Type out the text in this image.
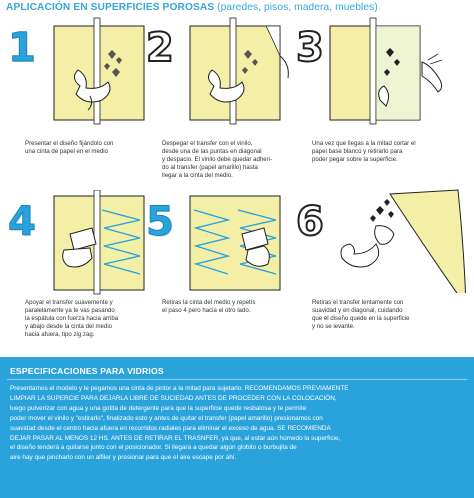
APLICACIÓN EN SUPERFICIES POROSAS (paredes, pisos, madera, muebles)
1
Presentar el diseño fijándolo con
una cinta de papel en el medio
2
Despegar el transfer con el vinilo,
desde una de las puntas en diagonal
y despacio. El vinilo debe quedar adheri-
do al transfer (papel amarillo) hasta
llegar a la cinta del medio.
3
Una vez que llegas a la mitad cortar el
papel base blanco y retirarlo para
poder pegar sobre la superficie.
4
Apoyar el transfer suavemente y
paralelamente ya te vas pasando
la espátula con fuerza hacia arriba
y abajo desde la cinta del medio
hacia afuera, tipo zig zag.
5
Retiras la cinta del medio y repetís
el paso 4 pero hacia el otro lado.
6
Retiras el transfer lentamente con
suavidad y en diagonal, cuidando
que el diseño quede en la superficie
y no se levante.
ESPECIFICACIONES PARA VIDRIOS
Presentamos el modelo y le pegamos una cinta de pintor a la mitad para sujetarlo. RECOMENDAMOS PREVIAMENTE
LIMPIAR LA SUPERCIE PARA DEJARLA LIBRE DE SUCIEDAD ANTES DE PROCEDER CON LA COLOCACIÓN,
luego pulverizar con agua y una gotita de detergente para que la superficie quede resbalosa y te permite
poder mover el vinilo y "estirarlo", finalizado esto y antes de quitar el transfer (papel amarillo) presionamos con
suavidad desde el centro hacia afuera en recorridos radiales para eliminar el exceso de agua. SE RECOMIENDA
DEJAR PASAR AL MENOS 12 HS. ANTES DE RETIRAR EL TRASNFER, ya que, al estar aún húmedo la superficie,
el diseño tenderá a quitarse junto con el posicionador. Si llegara a quedar algún globito o burbujita de
aire hay que pincharlo con un alfiler y presionar para que el aire escape por ahí.
